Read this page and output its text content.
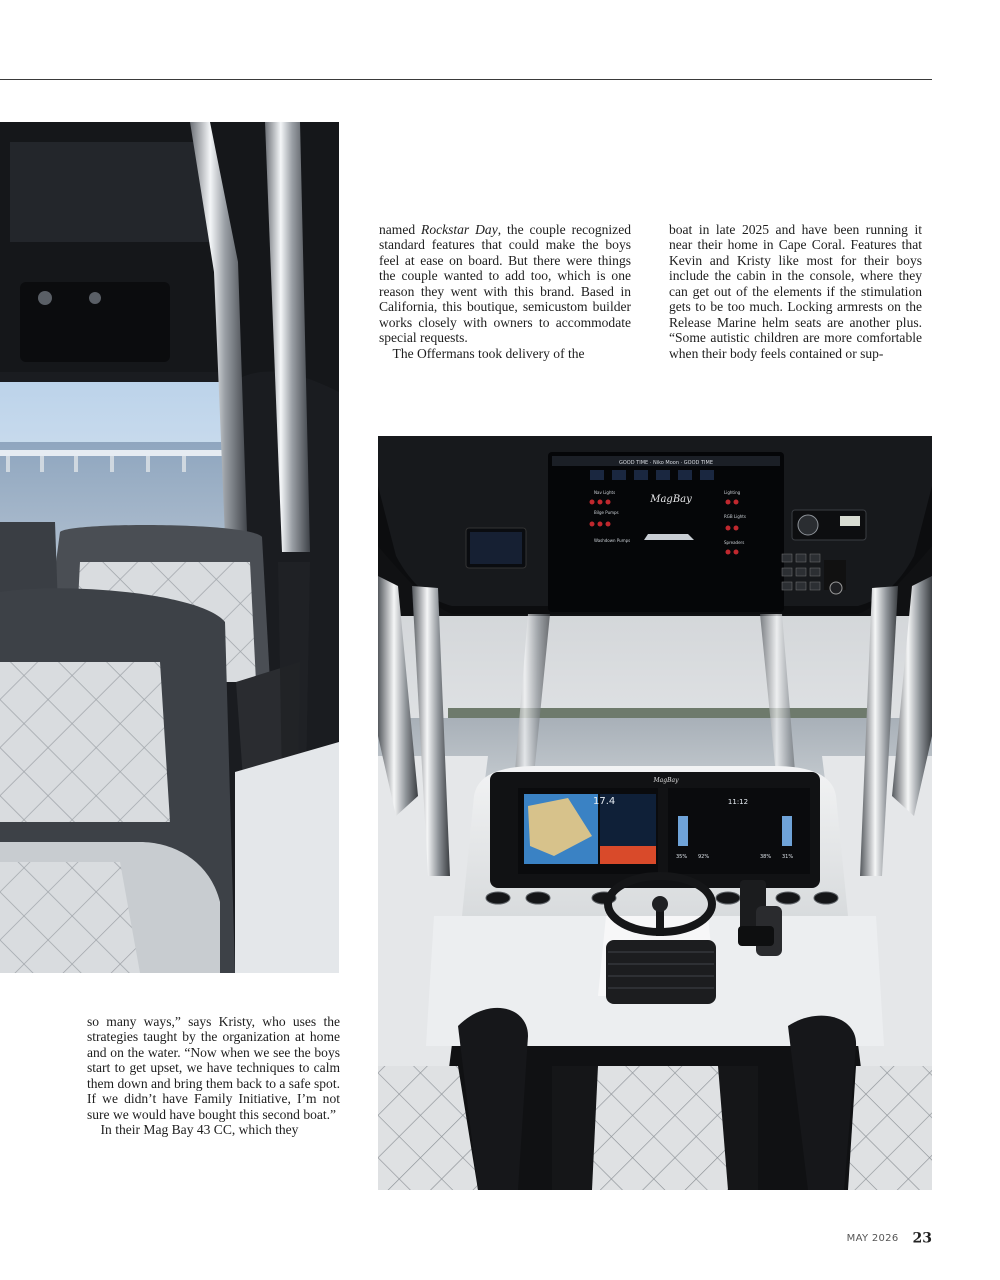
named Rockstar Day, the couple recognized standard features that could make the boys feel at ease on board. But there were things the couple wanted to add too, which is one reason they went with this brand. Based in California, this boutique, semicustom builder works closely with owners to accommodate special requests.

The Offermans took delivery of the

boat in late 2025 and have been running it near their home in Cape Coral. Features that Kevin and Kristy like most for their boys include the cabin in the console, where they can get out of the elements if the stimulation gets to be too much. Locking armrests on the Release Marine helm seats are another plus. “Some autistic children are more comfortable when their body feels contained or sup-

GOOD TIME · Niko Moon · GOOD TIME
MagBay
Nav Lights	Lighting
Bilge Pumps
RGB Lights
Washdown Pumps	Spreaders
17.4	11:12
35% 92%	38% 31%
MagBay

so many ways,” says Kristy, who uses the strategies taught by the organization at home and on the water. “Now when we see the boys start to get upset, we have techniques to calm them down and bring them back to a safe spot. If we didn’t have Family Initiative, I’m not sure we would have bought this second boat.”

In their Mag Bay 43 CC, which they

MAY 2026 23
